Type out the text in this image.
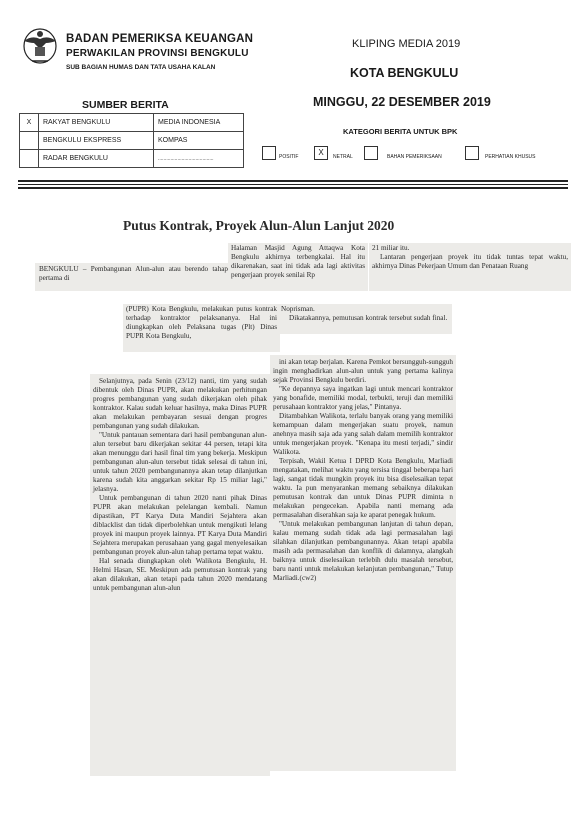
BADAN PEMERIKSA KEUANGAN
PERWAKILAN PROVINSI BENGKULU
SUB BAGIAN HUMAS DAN TATA USAHA KALAN
KLIPING MEDIA 2019
KOTA BENGKULU
MINGGU, 22 DESEMBER 2019
SUMBER BERITA
X	RAKYAT BENGKULU	MEDIA INDONESIA
	BENGKULU EKSPRESS	KOMPAS
	RADAR BENGKULU	........................................
KATEGORI BERITA UNTUK BPK
POSITIF	X	NETRAL	BAHAN PEMERIKSAAN	PERHATIAN KHUSUS
Putus Kontrak, Proyek Alun-Alun Lanjut 2020

BENGKULU – Pembangunan Alun-alun atau berendo tahap pertama di

Halaman Masjid Agung Attaqwa Kota Bengkulu akhirnya terbengkalai. Hal itu dikarenakan, saat ini tidak ada lagi aktivitas pengerjaan proyek senilai Rp

21 miliar itu.

Lantaran pengerjaan proyek itu tidak tuntas tepat waktu, akhirnya Dinas Pekerjaan Umum dan Penataan Ruang

(PUPR) Kota Bengkulu, melakukan putus kontrak terhadap kontraktor pelaksananya. Hal ini diungkapkan oleh Pelaksana tugas (Plt) Dinas PUPR Kota Bengkulu,

Noprisman.

Dikatakannya, pemutusan kontrak tersebut sudah final.

Selanjutnya, pada Senin (23/12) nanti, tim yang sudah dibentuk oleh Dinas PUPR, akan melakukan perhitungan progres pembangunan yang sudah dikerjakan oleh pihak kontraktor. Kalau sudah keluar hasilnya, maka Dinas PUPR akan melakukan pembayaran sesuai dengan progres pembangunan yang sudah dilakukan.

"Untuk pantauan sementara dari hasil pembangunan alun-alun tersebut baru dikerjakan sekitar 44 persen, tetapi kita akan menunggu dari hasil final tim yang bekerja. Meskipun pembangunan alun-alun tersebut tidak selesai di tahun ini, untuk tahun 2020 pembangunannya akan tetap dilanjutkan karena sudah kita anggarkan sekitar Rp 15 miliar lagi," jelasnya.

Untuk pembangunan di tahun 2020 nanti pihak Dinas PUPR akan melakukan pelelangan kembali. Namun dipastikan, PT Karya Duta Mandiri Sejahtera akan diblacklist dan tidak diperbolehkan untuk mengikuti lelang proyek ini maupun proyek lainnya. PT Karya Duta Mandiri Sejahtera merupakan perusahaan yang gagal menyelesaikan pembangunan proyek alun-alun tahap pertama tepat waktu.

Hal senada diungkapkan oleh Walikota Bengkulu, H. Helmi Hasan, SE. Meskipun ada pemutusan kontrak yang akan dilakukan, akan tetapi pada tahun 2020 mendatang untuk pembangunan alun-alun

ini akan tetap berjalan. Karena Pemkot bersungguh-sungguh ingin menghadirkan alun-alun untuk yang pertama kalinya sejak Provinsi Bengkulu berdiri.

"Ke depannya saya ingatkan lagi untuk mencari kontraktor yang bonafide, memiliki modal, terbukti, teruji dan memiliki perusahaan kontraktor yang jelas," Pintanya.

Ditambahkan Walikota, terlalu banyak orang yang memiliki kemampuan dalam mengerjakan suatu proyek, namun anehnya masih saja ada yang salah dalam memilih kontraktor untuk mengerjakan proyek. "Kenapa itu mesti terjadi," sindir Walikota.

Terpisah, Wakil Ketua I DPRD Kota Bengkulu, Marliadi mengatakan, melihat waktu yang tersisa tinggal beberapa hari lagi, sangat tidak mungkin proyek itu bisa diselesaikan tepat waktu. Ia pun menyarankan memang sebaiknya dilakukan pemutusan kontrak dan untuk Dinas PUPR diminta n melakukan pengecekan. Apabila nanti memang ada permasalahan diserahkan saja ke aparat penegak hukum.

"Untuk melakukan pembangunan lanjutan di tahun depan, kalau memang sudah tidak ada lagi permasalahan lagi silahkan dilanjutkan pembangunannya. Akan tetapi apabila masih ada permasalahan dan konflik di dalamnya, alangkah baiknya untuk diselesaikan terlebih dulu masalah tersebut, baru nanti untuk melakukan kelanjutan pembangunan," Tutup Marliadi.(cw2)
